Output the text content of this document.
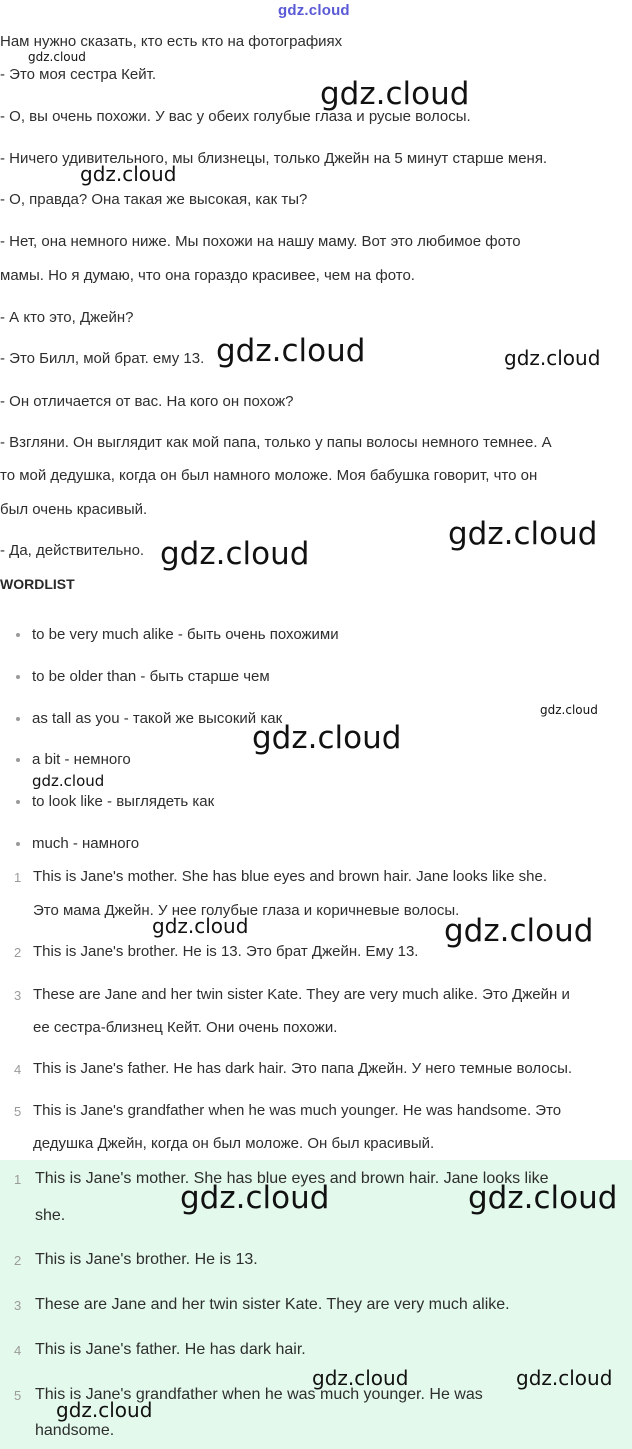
gdz.cloud
Нам нужно сказать, кто есть кто на фотографиях
- Это моя сестра Кейт.
- О, вы очень похожи. У вас у обеих голубые глаза и русые волосы.
- Ничего удивительного, мы близнецы, только Джейн на 5 минут старше меня.
- О, правда? Она такая же высокая, как ты?
- Нет, она немного ниже. Мы похожи на нашу маму. Вот это любимое фото
мамы. Но я думаю, что она гораздо красивее, чем на фото.
- А кто это, Джейн?
- Это Билл, мой брат. ему 13.
- Он отличается от вас. На кого он похож?
- Взгляни. Он выглядит как мой папа, только у папы волосы немного темнее. А
то мой дедушка, когда он был намного моложе. Моя бабушка говорит, что он
был очень красивый.
- Да, действительно.
WORDLIST
to be very much alike - быть очень похожими
to be older than - быть старше чем
as tall as you - такой же высокий как
a bit - немного
to look like - выглядеть как
much - намного
1 This is Jane's mother. She has blue eyes and brown hair. Jane looks like she.
Это мама Джейн. У нее голубые глаза и коричневые волосы.
2 This is Jane's brother. He is 13. Это брат Джейн. Ему 13.
3 These are Jane and her twin sister Kate. They are very much alike. Это Джейн и
ее сестра-близнец Кейт. Они очень похожи.
4 This is Jane's father. He has dark hair. Это папа Джейн. У него темные волосы.
5 This is Jane's grandfather when he was much younger. He was handsome. Это
дедушка Джейн, когда он был моложе. Он был красивый.
1 This is Jane's mother. She has blue eyes and brown hair. Jane looks like
she.
2 This is Jane's brother. He is 13.
3 These are Jane and her twin sister Kate. They are very much alike.
4 This is Jane's father. He has dark hair.
5 This is Jane's grandfather when he was much younger. He was
handsome.
gdz.cloud
gdz.cloud
gdz.cloud
gdz.cloud	gdz.cloud
gdz.cloud
gdz.cloud
gdz.cloud
gdz.cloud
gdz.cloud
gdz.cloud	gdz.cloud
gdz.cloud	gdz.cloud
gdz.cloud	gdz.cloud
gdz.cloud
